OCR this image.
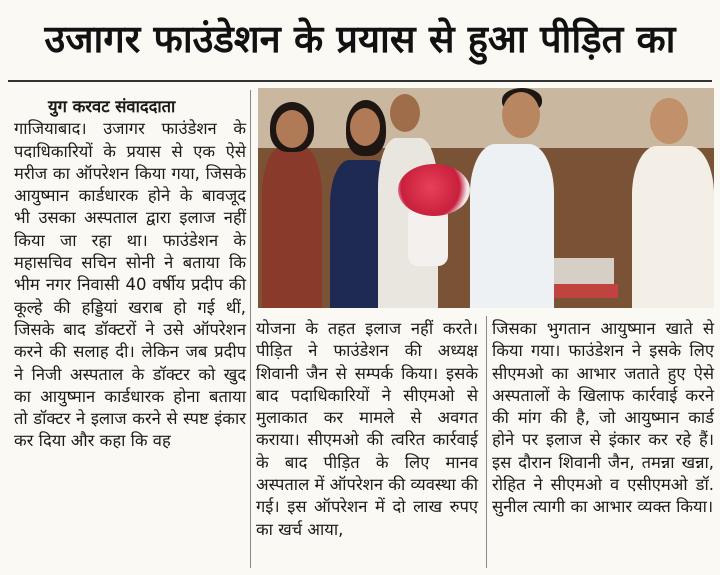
उजागर फाउंडेशन के प्रयास से हुआ पीड़ित का

युग करवट संवाददाता

गाजियाबाद। उजागर फाउंडेशन के पदाधिकारियों के प्रयास से एक ऐसे मरीज का ऑपरेशन किया गया, जिसके आयुष्मान कार्डधारक होने के बावजूद भी उसका अस्पताल द्वारा इलाज नहीं किया जा रहा था। फाउंडेशन के महासचिव सचिन सोनी ने बताया कि भीम नगर निवासी 40 वर्षीय प्रदीप की कूल्हे की हड्डियां खराब हो गई थीं, जिसके बाद डॉक्टरों ने उसे ऑपरेशन करने की सलाह दी। लेकिन जब प्रदीप ने निजी अस्पताल के डॉक्टर को खुद का आयुष्मान कार्डधारक होना बताया तो डॉक्टर ने इलाज करने से स्पष्ट इंकार कर दिया और कहा कि वह

योजना के तहत इलाज नहीं करते। पीड़ित ने फाउंडेशन की अध्यक्ष शिवानी जैन से सम्पर्क किया। इसके बाद पदाधिकारियों ने सीएमओ से मुलाकात कर मामले से अवगत कराया। सीएमओ की त्वरित कार्रवाई के बाद पीड़ित के लिए मानव अस्पताल में ऑपरेशन की व्यवस्था की गई। इस ऑपरेशन में दो लाख रुपए का खर्च आया,

जिसका भुगतान आयुष्मान खाते से किया गया। फाउंडेशन ने इसके लिए सीएमओ का आभार जताते हुए ऐसे अस्पतालों के खिलाफ कार्रवाई करने की मांग की है, जो आयुष्मान कार्ड होने पर इलाज से इंकार कर रहे हैं। इस दौरान शिवानी जैन, तमन्ना खन्ना, रोहित ने सीएमओ व एसीएमओ डॉ. सुनील त्यागी का आभार व्यक्त किया।
